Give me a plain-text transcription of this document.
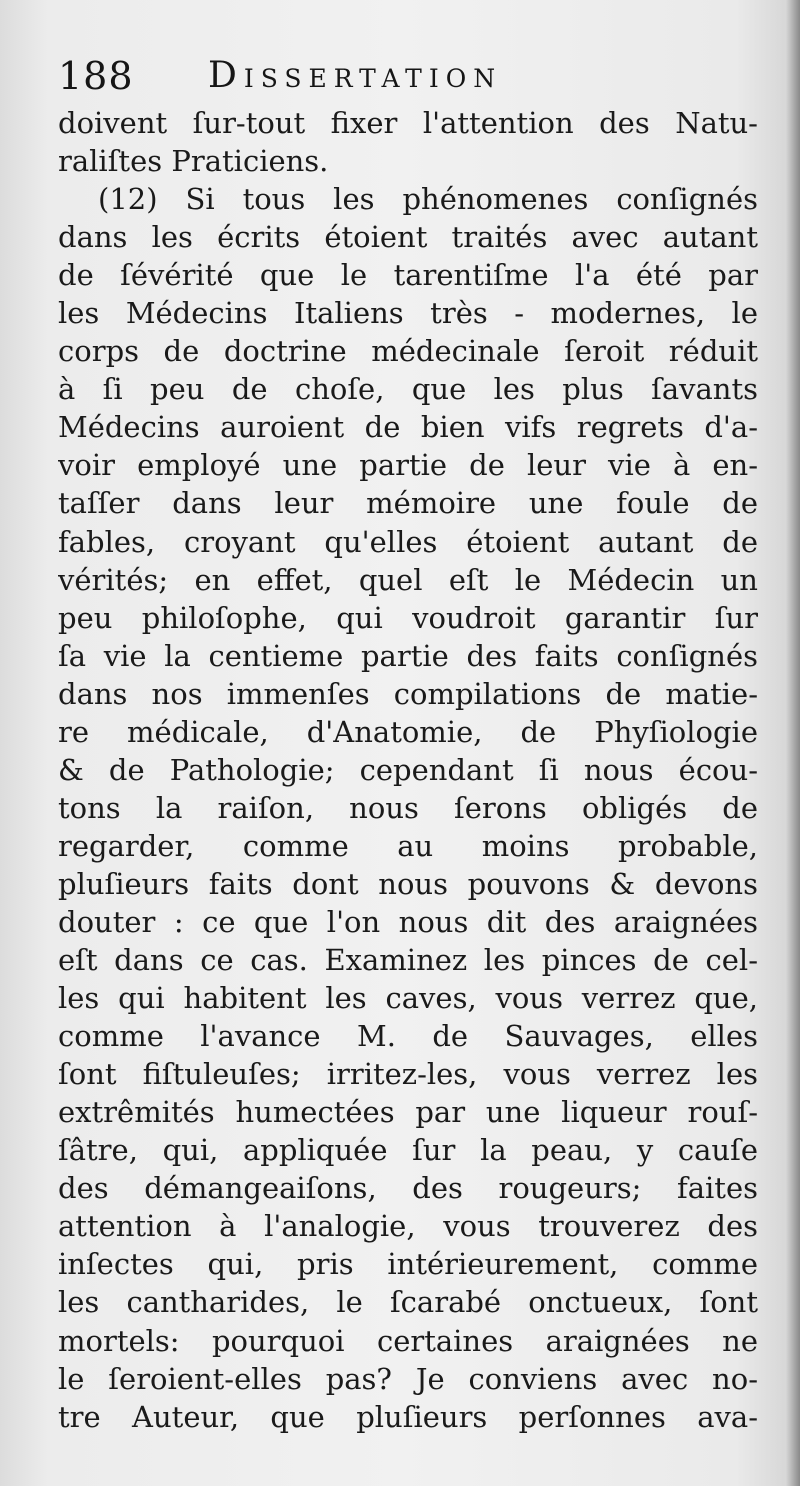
188 Dissertation
doivent ſur-tout fixer l'attention des Natu-
raliſtes Praticiens.
(12) Si tous les phénomenes conſignés
dans les écrits étoient traités avec autant
de ſévérité que le tarentiſme l'a été par
les Médecins Italiens très - modernes, le
corps de doctrine médecinale ſeroit réduit
à ſi peu de choſe, que les plus ſavants
Médecins auroient de bien vifs regrets d'a-
voir employé une partie de leur vie à en-
taſſer dans leur mémoire une foule de
fables, croyant qu'elles étoient autant de
vérités; en effet, quel eſt le Médecin un
peu philoſophe, qui voudroit garantir ſur
ſa vie la centieme partie des faits conſignés
dans nos immenſes compilations de matie-
re médicale, d'Anatomie, de Phyſiologie
& de Pathologie; cependant ſi nous écou-
tons la raiſon, nous ſerons obligés de
regarder, comme au moins probable,
pluſieurs faits dont nous pouvons & devons
douter : ce que l'on nous dit des araignées
eſt dans ce cas. Examinez les pinces de cel-
les qui habitent les caves, vous verrez que,
comme l'avance M. de Sauvages, elles
ſont fiſtuleuſes; irritez-les, vous verrez les
extrêmités humectées par une liqueur rouſ-
ſâtre, qui, appliquée ſur la peau, y cauſe
des démangeaiſons, des rougeurs; faites
attention à l'analogie, vous trouverez des
inſectes qui, pris intérieurement, comme
les cantharides, le ſcarabé onctueux, ſont
mortels: pourquoi certaines araignées ne
le ſeroient-elles pas? Je conviens avec no-
tre Auteur, que pluſieurs perſonnes ava-
